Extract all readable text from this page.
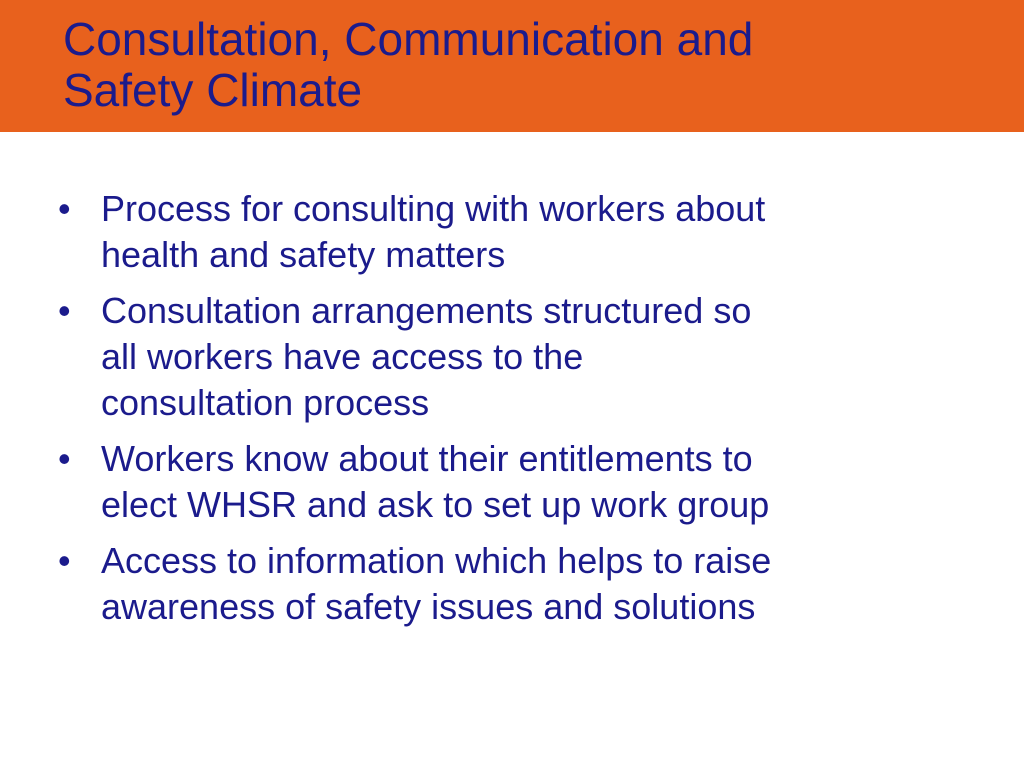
Consultation, Communication and
Safety Climate
• Process for consulting with workers about
health and safety matters
• Consultation arrangements structured so
all workers have access to the
consultation process
• Workers know about their entitlements to
elect WHSR and ask to set up work group
• Access to information which helps to raise
awareness of safety issues and solutions
